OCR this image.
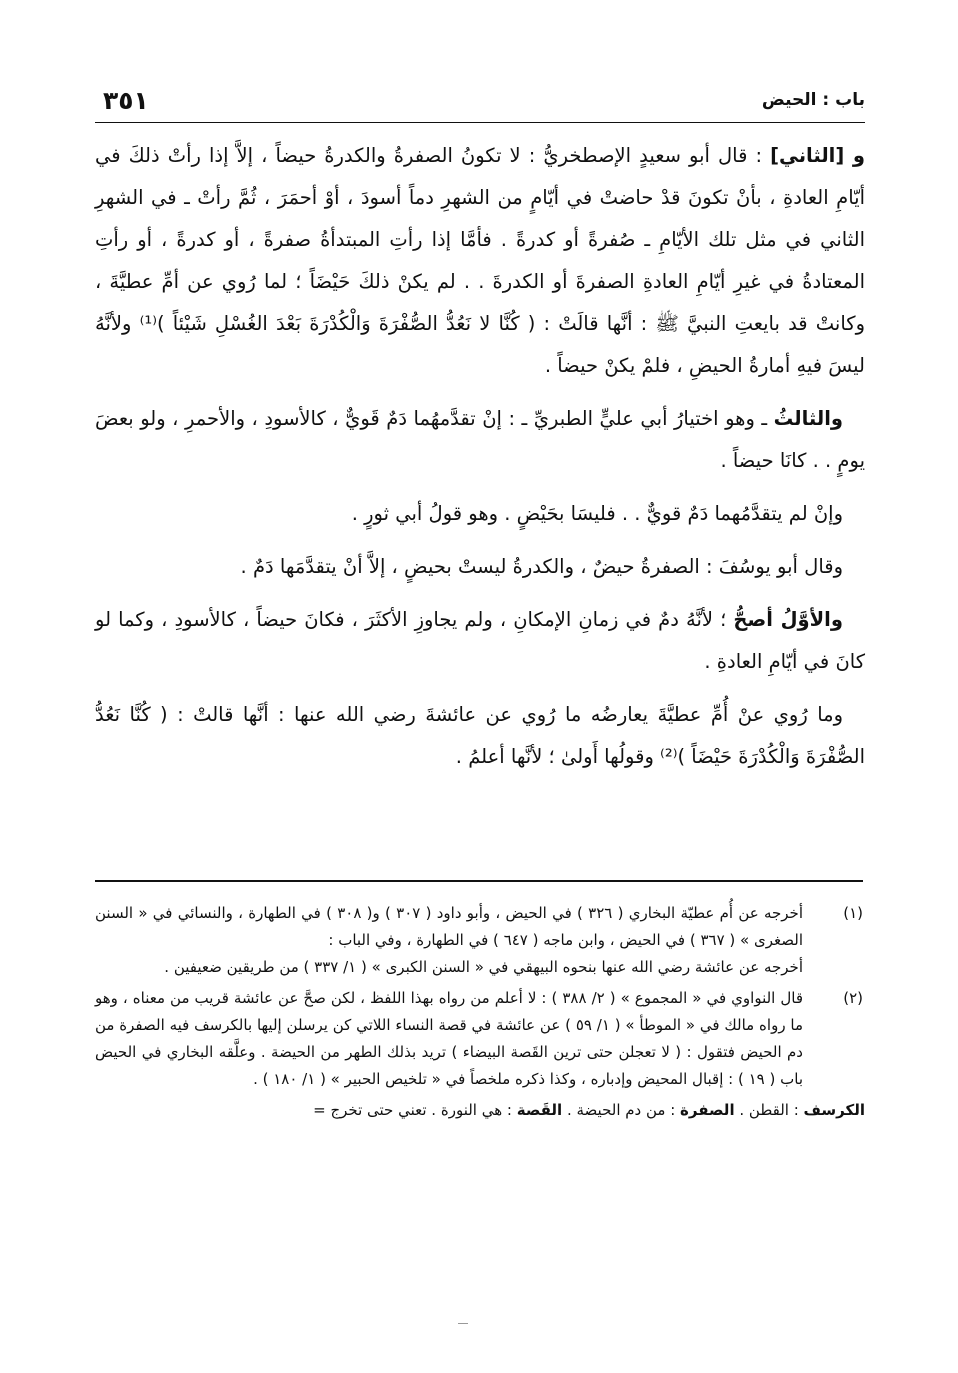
باب : الحيض
٣٥١

و [الثاني] : قال أبو سعيدٍ الإصطخريُّ : لا تكونُ الصفرةُ والكدرةُ حيضاً ، إلاَّ إذا رأتْ ذلكَ في أيّامِ العادةِ ، بأنْ تكونَ قدْ حاضتْ في أيّامٍ من الشهرِ دماً أسودَ ، أوْ أحمَرَ ، ثُمَّ رأتْ ـ في الشهرِ الثاني في مثل تلك الأيّامِ ـ صُفرةً أو كدرةً . فأمَّا إذا رأتِ المبتدأةُ صفرةً ، أو كدرةً ، أو رأتِ المعتادةُ في غيرِ أيّامِ العادةِ الصفرةَ أو الكدرةَ . . لم يكنْ ذلكَ حَيْضَاً ؛ لما رُوي عن أمِّ عطيَّةَ ، وكانتْ قد بايعتِ النبيَّ ﷺ : أنَّها قالَتْ : ( كُنَّا لا نَعُدُّ الصُّفْرَةَ وَالْكُدْرَةَ بَعْدَ الغُسْلِ شَيْئاً )⁽¹⁾ ولأنَّهُ ليسَ فيهِ أمارةُ الحيضِ ، فلمْ يكنْ حيضاً .

والثالثُ ـ وهو اختيارُ أبي عليٍّ الطبريِّ ـ : إنْ تقدَّمهُما دَمٌ قَويٌّ ، كالأسودِ ، والأحمرِ ، ولو بعضَ يومٍ . . كانَا حيضاً .

وإنْ لم يتقدَّمُهما دَمٌ قويٌّ . . فليسَا بحَيْضٍ . وهو قولُ أبي ثورٍ .

وقال أبو يوسُفَ : الصفرةُ حيضٌ ، والكدرةُ ليستْ بحيضٍ ، إلاَّ أنْ يتقدَّمَها دَمٌ .

والأوَّلُ أصحُّ ؛ لأنَّهُ دمٌ في زمانِ الإمكانِ ، ولم يجاوزِ الأكثَرَ ، فكانَ حيضاً ، كالأسودِ ، وكما لو كانَ في أيّامِ العادةِ .

وما رُوي عنْ أُمِّ عطيَّةَ يعارضُه ما رُوي عن عائشةَ رضي الله عنها : أنَّها قالتْ : ( كُنَّا نَعُدُّ الصُّفْرَةَ وَالْكُدْرَةَ حَيْضَاً )⁽²⁾ وقولُها أَولىٰ ؛ لأنَّها أعلمُ .

(١)
أخرجه عن أُم عطيّة البخاري ( ٣٢٦ ) في الحيض ، وأبو داود ( ٣٠٧ ) و( ٣٠٨ ) في الطهارة ، والنسائي في « السنن الصغرى » ( ٣٦٧ ) في الحيض ، وابن ماجه ( ٦٤٧ ) في الطهارة ، وفي الباب :
أخرجه عن عائشة رضي الله عنها بنحوه البيهقي في « السنن الكبرى » ( ١/ ٣٣٧ ) من طريقين ضعيفين .
(٢)
قال النواوي في « المجموع » ( ٢/ ٣٨٨ ) : لا أعلم من رواه بهذا اللفظ ، لكن صحَّ عن عائشة قريب من معناه ، وهو ما رواه مالك في « الموطأ » ( ١/ ٥٩ ) عن عائشة في قصة النساء اللاتي كن يرسلن إليها بالكرسف فيه الصفرة من دم الحيض فتقول : ( لا تعجلن حتى ترين القَصة البيضاء ) تريد بذلك الطهر من الحيضة . وعلَّقه البخاري في الحيض باب ( ١٩ ) : إقبال المحيض وإدباره ، وكذا ذكره ملخصاً في « تلخيص الحبير » ( ١/ ١٨٠ ) .
الكرسف : القطن . الصفرة : من دم الحيضة . القَصة : هي النورة . تعني حتى تخرج =
